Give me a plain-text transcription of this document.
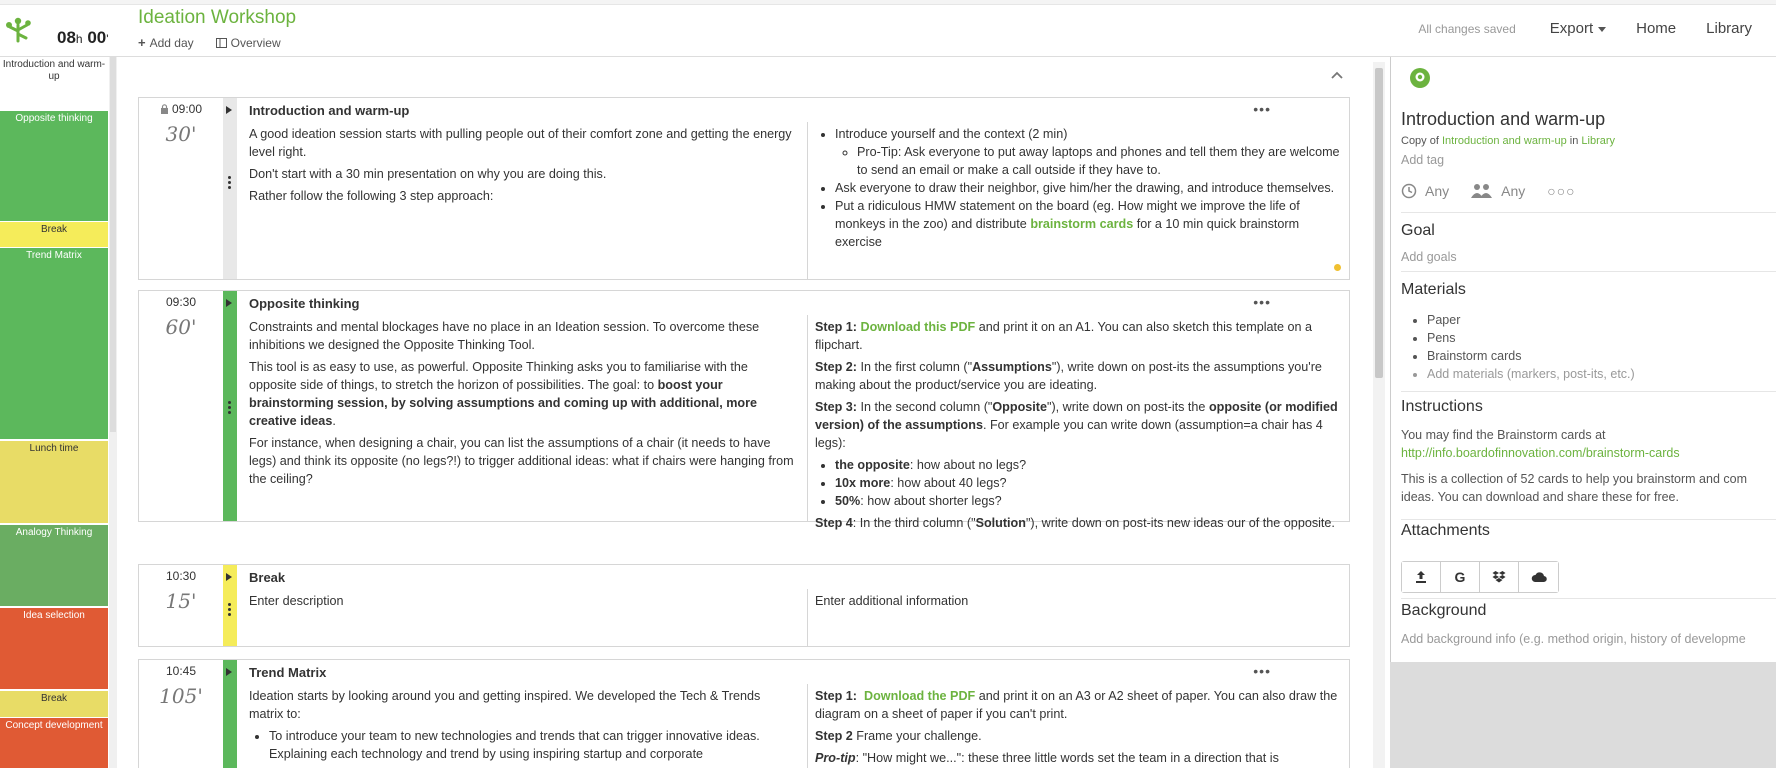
08h 00'
Ideation Workshop
+ Add day	Overview
All changes saved Export	Home Library
Introduction and warm-up
Opposite thinking
Break
Trend Matrix
Lunch time
Analogy Thinking
Idea selection
Break
Concept development
09:00
30'
Introduction and warm-up	•••

A good ideation session starts with pulling people out of their comfort zone and getting the energy level right.

Don't start with a 30 min presentation on why you are doing this.

Rather follow the following 3 step approach:

• Introduce yourself and the context (2 min)
◦ Pro-Tip: Ask everyone to put away laptops and phones and tell them they are welcome to send an email or make a call outside if they have to.
• Ask everyone to draw their neighbor, give him/her the drawing, and introduce themselves.
• Put a ridiculous HMW statement on the board (eg. How might we improve the life of monkeys in the zoo) and distribute brainstorm cards for a 10 min quick brainstorm exercise
09:30
60'
Opposite thinking	•••

Constraints and mental blockages have no place in an Ideation session. To overcome these inhibitions we designed the Opposite Thinking Tool.

This tool is as easy to use, as powerful. Opposite Thinking asks you to familiarise with the opposite side of things, to stretch the horizon of possibilities. The goal: to boost your brainstorming session, by solving assumptions and coming up with additional, more creative ideas.

For instance, when designing a chair, you can list the assumptions of a chair (it needs to have legs) and think its opposite (no legs?!) to trigger additional ideas: what if chairs were hanging from the ceiling?

Step 1: Download this PDF and print it on an A1. You can also sketch this template on a flipchart.

Step 2: In the first column ("Assumptions"), write down on post-its the assumptions you're making about the product/service you are ideating.

Step 3: In the second column ("Opposite"), write down on post-its the opposite (or modified version) of the assumptions. For example you can write down (assumption=a chair has 4 legs):

• the opposite: how about no legs?
• 10x more: how about 40 legs?
• 50%: how about shorter legs?

Step 4: In the third column ("Solution"), write down on post-its new ideas our of the opposite.

10:30
15'
Break
Enter description	Enter additional information
10:45
105'
Trend Matrix	•••

Ideation starts by looking around you and getting inspired. We developed the Tech & Trends matrix to:

• To introduce your team to new technologies and trends that can trigger innovative ideas. Explaining each technology and trend by using inspiring startup and corporate

Step 1: Download the PDF and print it on an A3 or A2 sheet of paper. You can also draw the diagram on a sheet of paper if you can't print.

Step 2 Frame your challenge.

Pro-tip: "How might we...": these three little words set the team in a direction that is

Introduction and warm-up
Copy of Introduction and warm-up in Library
Add tag
Any	Any ○○○
Goal
Add goals
Materials
• Paper
• Pens
• Brainstorm cards
• Add materials (markers, post-its, etc.)
Instructions
You may find the Brainstorm cards at
http://info.boardofinnovation.com/brainstorm-cards
This is a collection of 52 cards to help you brainstorm and com
ideas. You can download and share these for free.
Attachments
G
Background
Add background info (e.g. method origin, history of developme
